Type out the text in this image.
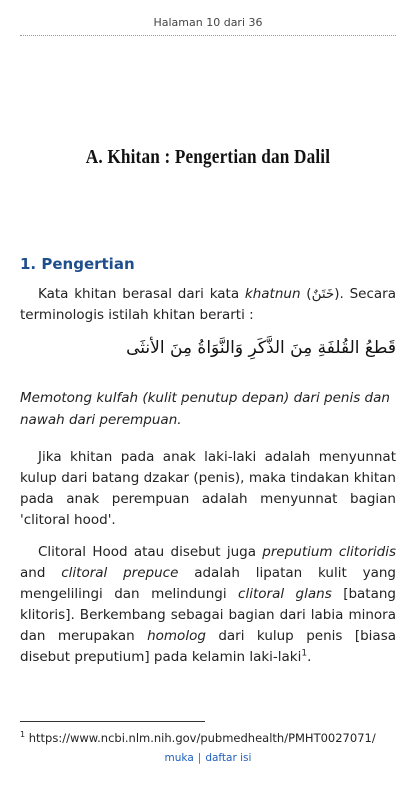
Halaman 10 dari 36
A. Khitan : Pengertian dan Dalil
1. Pengertian

Kata khitan berasal dari kata khatnun (خَتَنٌ). Secara terminologis istilah khitan berarti :

قَطعُ القُلفَةِ مِنَ الذَّكَرِ وَالنَّوَاةُ مِنَ الأنثَى

Memotong kulfah (kulit penutup depan) dari penis dan nawah dari perempuan.

Jika khitan pada anak laki-laki adalah menyunnat kulup dari batang dzakar (penis), maka tindakan khitan pada anak perempuan adalah menyunnat bagian 'clitoral hood'.

Clitoral Hood atau disebut juga preputium clitoridis and clitoral prepuce adalah lipatan kulit yang mengelilingi dan melindungi clitoral glans [batang klitoris]. Berkembang sebagai bagian dari labia minora dan merupakan homolog dari kulup penis [biasa disebut preputium] pada kelamin laki-laki$^1$.

$^1$ https://www.ncbi.nlm.nih.gov/pubmedhealth/PMHT0027071/
muka | daftar isi
